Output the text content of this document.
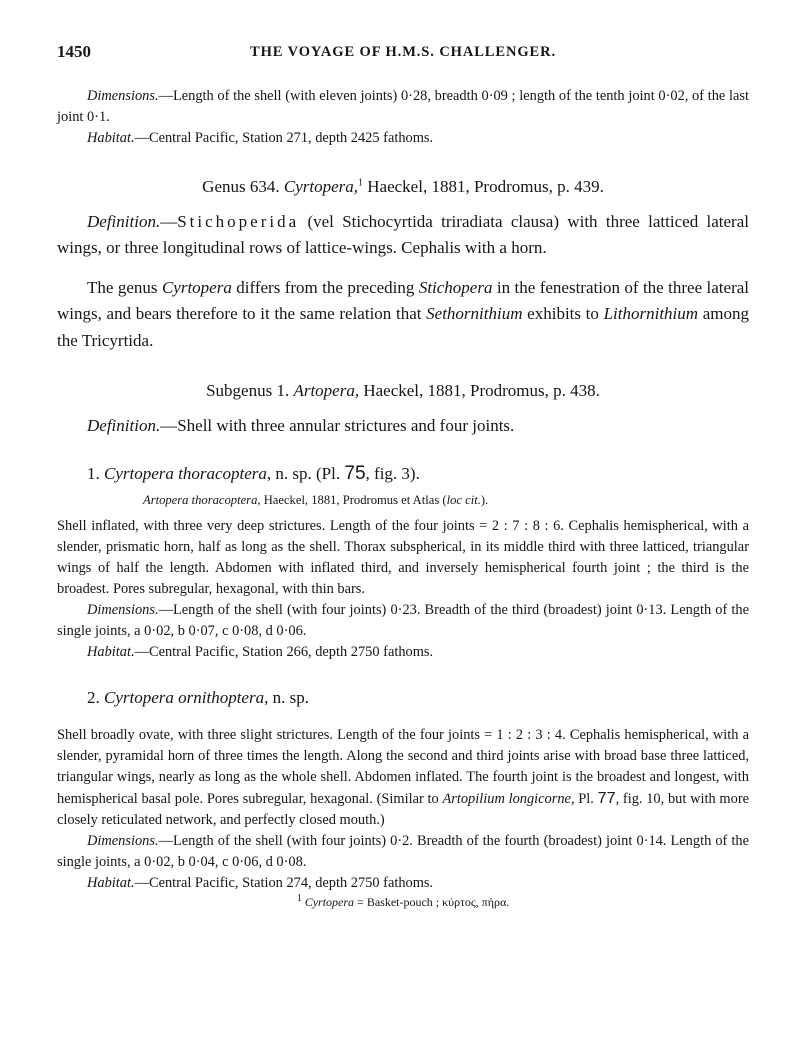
1450	THE VOYAGE OF H.M.S. CHALLENGER.

Dimensions.—Length of the shell (with eleven joints) 0·28, breadth 0·09 ; length of the tenth joint 0·02, of the last joint 0·1.

Habitat.—Central Pacific, Station 271, depth 2425 fathoms.

Genus 634. Cyrtopera,$^1$ Haeckel, 1881, Prodromus, p. 439.

Definition.—Stichoperida (vel Stichocyrtida triradiata clausa) with three latticed lateral wings, or three longitudinal rows of lattice-wings. Cephalis with a horn.

The genus Cyrtopera differs from the preceding Stichopera in the fenestration of the three lateral wings, and bears therefore to it the same relation that Sethornithium exhibits to Lithornithium among the Tricyrtida.

Subgenus 1. Artopera, Haeckel, 1881, Prodromus, p. 438.

Definition.—Shell with three annular strictures and four joints.

1. Cyrtopera thoracoptera, n. sp. (Pl. 75, fig. 3).

Artopera thoracoptera, Haeckel, 1881, Prodromus et Atlas (loc cit.).

Shell inflated, with three very deep strictures. Length of the four joints = 2 : 7 : 8 : 6. Cephalis hemispherical, with a slender, prismatic horn, half as long as the shell. Thorax subspherical, in its middle third with three latticed, triangular wings of half the length. Abdomen with inflated third, and inversely hemispherical fourth joint ; the third is the broadest. Pores subregular, hexagonal, with thin bars.

Dimensions.—Length of the shell (with four joints) 0·23. Breadth of the third (broadest) joint 0·13. Length of the single joints, a 0·02, b 0·07, c 0·08, d 0·06.

Habitat.—Central Pacific, Station 266, depth 2750 fathoms.

2. Cyrtopera ornithoptera, n. sp.

Shell broadly ovate, with three slight strictures. Length of the four joints = 1 : 2 : 3 : 4. Cephalis hemispherical, with a slender, pyramidal horn of three times the length. Along the second and third joints arise with broad base three latticed, triangular wings, nearly as long as the whole shell. Abdomen inflated. The fourth joint is the broadest and longest, with hemispherical basal pole. Pores subregular, hexagonal. (Similar to Artopilium longicorne, Pl. 77, fig. 10, but with more closely reticulated network, and perfectly closed mouth.)

Dimensions.—Length of the shell (with four joints) 0·2. Breadth of the fourth (broadest) joint 0·14. Length of the single joints, a 0·02, b 0·04, c 0·06, d 0·08.

Habitat.—Central Pacific, Station 274, depth 2750 fathoms.

$^1$ Cyrtopera = Basket-pouch ; κύρτος, πήρα.
